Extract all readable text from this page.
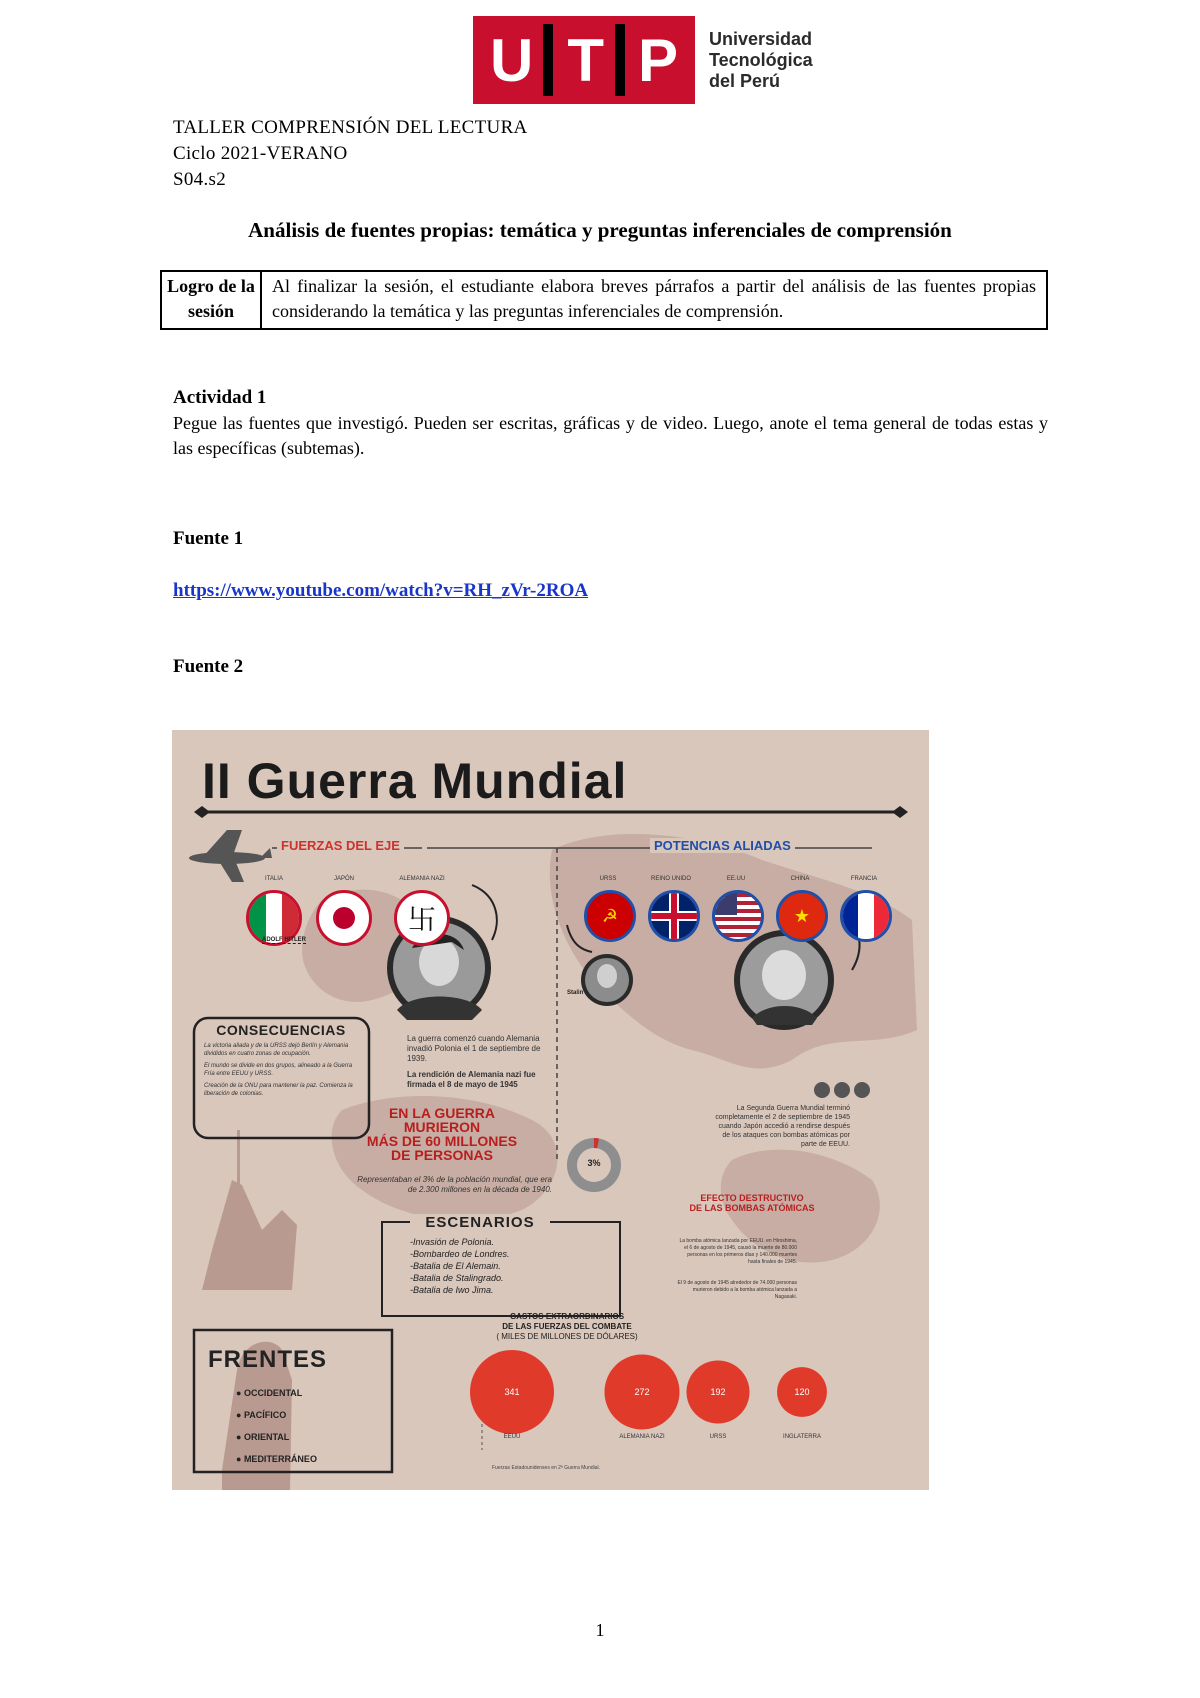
U T P Universidad
Tecnológica
del Perú
TALLER COMPRENSIÓN DEL LECTURA
Ciclo 2021-VERANO
S04.s2
Análisis de fuentes propias: temática y preguntas inferenciales de comprensión
Logro de la sesión	Al finalizar la sesión, el estudiante elabora breves párrafos a partir del análisis de las fuentes propias considerando la temática y las preguntas inferenciales de comprensión.
Actividad 1
Pegue las fuentes que investigó. Pueden ser escritas, gráficas y de video. Luego, anote el tema general de todas estas y las específicas (subtemas).
Fuente 1
https://www.youtube.com/watch?v=RH_zVr-2ROA
Fuente 2
341
EEUU
272
ALEMANIA NAZI
192
URSS
120
INGLATERRA
II Guerra Mundial
FUERZAS DEL EJE	POTENCIAS ALIADAS
卐
ITALIA	JAPÓN	ALEMANIA NAZI
☭	★
URSS	REINO UNIDO	EE.UU	CHINA	FRANCIA
ADOLF HITLER
Stalin
CONSECUENCIAS
La victoria aliada y de la URSS dejó Berlín y Alemania divididos en cuatro zonas de ocupación.
El mundo se divide en dos grupos, alineado a la Guerra Fría entre EEUU y URSS.
Creación de la ONU para mantener la paz. Comienza la liberación de colonias.
La guerra comenzó cuando Alemania invadió Polonia el 1 de septiembre de 1939.
La rendición de Alemania nazi fue firmada el 8 de mayo de 1945
EN LA GUERRA
MURIERON
MÁS DE 60 MILLONES
DE PERSONAS	3%
Representaban el 3% de la población mundial, que era de 2.300 millones en la década de 1940.
La Segunda Guerra Mundial terminó completamente el 2 de septiembre de 1945 cuando Japón accedió a rendirse después de los ataques con bombas atómicas por parte de EEUU.
EFECTO DESTRUCTIVO
DE LAS BOMBAS ATÓMICAS
La bomba atómica lanzada por EEUU. en Hiroshima, el 6 de agosto de 1945, causó la muerte de 80.000 personas en los primeros días y 140.000 muertes hasta finales de 1945.
El 9 de agosto de 1945 alrededor de 74.000 personas murieron debido a la bomba atómica lanzada a Nagasaki.
ESCENARIOS
-Invasión de Polonia.
-Bombardeo de Londres.
-Batalia de El Alemain.
-Batalia de Stalingrado.
-Batalia de Iwo Jima.
FRENTES
● OCCIDENTAL
● PACÍFICO
● ORIENTAL
● MEDITERRÁNEO
GASTOS EXTRAORDINARIOS
DE LAS FUERZAS DEL COMBATE
( MILES DE MILLONES DE DÓLARES)
Fuerzas Estadounidenses en 2ª Guerra Mundial.
1
